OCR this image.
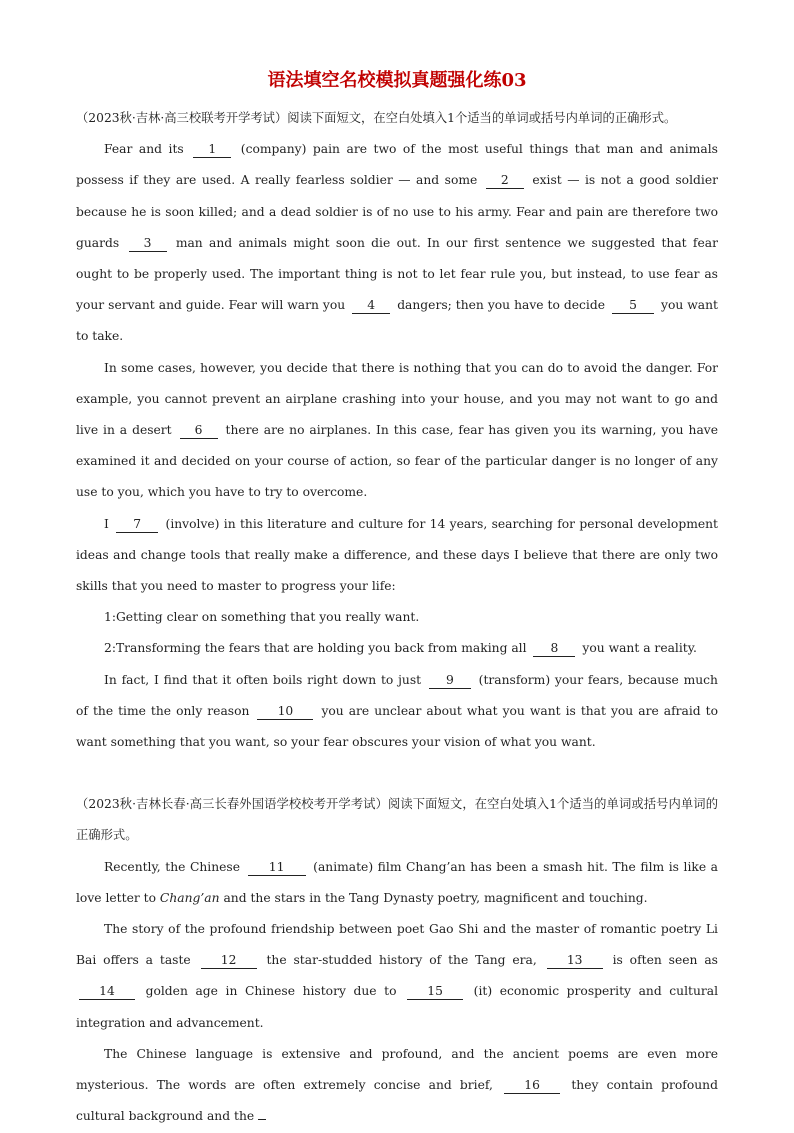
语法填空名校模拟真题强化练03

（2023秋·吉林·高三校联考开学考试）阅读下面短文，在空白处填入1个适当的单词或括号内单词的正确形式。

Fear and its 1 (company) pain are two of the most useful things that man and animals possess if they are used. A really fearless soldier — and some 2 exist — is not a good soldier because he is soon killed; and a dead soldier is of no use to his army. Fear and pain are therefore two guards 3 man and animals might soon die out. In our first sentence we suggested that fear ought to be properly used. The important thing is not to let fear rule you, but instead, to use fear as your servant and guide. Fear will warn you 4 dangers; then you have to decide 5 you want to take.

In some cases, however, you decide that there is nothing that you can do to avoid the danger. For example, you cannot prevent an airplane crashing into your house, and you may not want to go and live in a desert 6 there are no airplanes. In this case, fear has given you its warning, you have examined it and decided on your course of action, so fear of the particular danger is no longer of any use to you, which you have to try to overcome.

I 7 (involve) in this literature and culture for 14 years, searching for personal development ideas and change tools that really make a difference, and these days I believe that there are only two skills that you need to master to progress your life:

1:Getting clear on something that you really want.

2:Transforming the fears that are holding you back from making all 8 you want a reality.

In fact, I find that it often boils right down to just 9 (transform) your fears, because much of the time the only reason 10 you are unclear about what you want is that you are afraid to want something that you want, so your fear obscures your vision of what you want.

（2023秋·吉林长春·高三长春外国语学校校考开学考试）阅读下面短文，在空白处填入1个适当的单词或括号内单词的正确形式。

Recently, the Chinese 11 (animate) film Chang’an has been a smash hit. The film is like a love letter to Chang’an and the stars in the Tang Dynasty poetry, magnificent and touching.

The story of the profound friendship between poet Gao Shi and the master of romantic poetry Li Bai offers a taste 12 the star-studded history of the Tang era, 13 is often seen as 14	golden age in Chinese history due to	15	(it) economic prosperity and cultural integration and advancement.

The Chinese language is extensive and profound, and the ancient poems are even more mysterious. The words are often extremely concise and brief,	16	they contain profound cultural background and the
